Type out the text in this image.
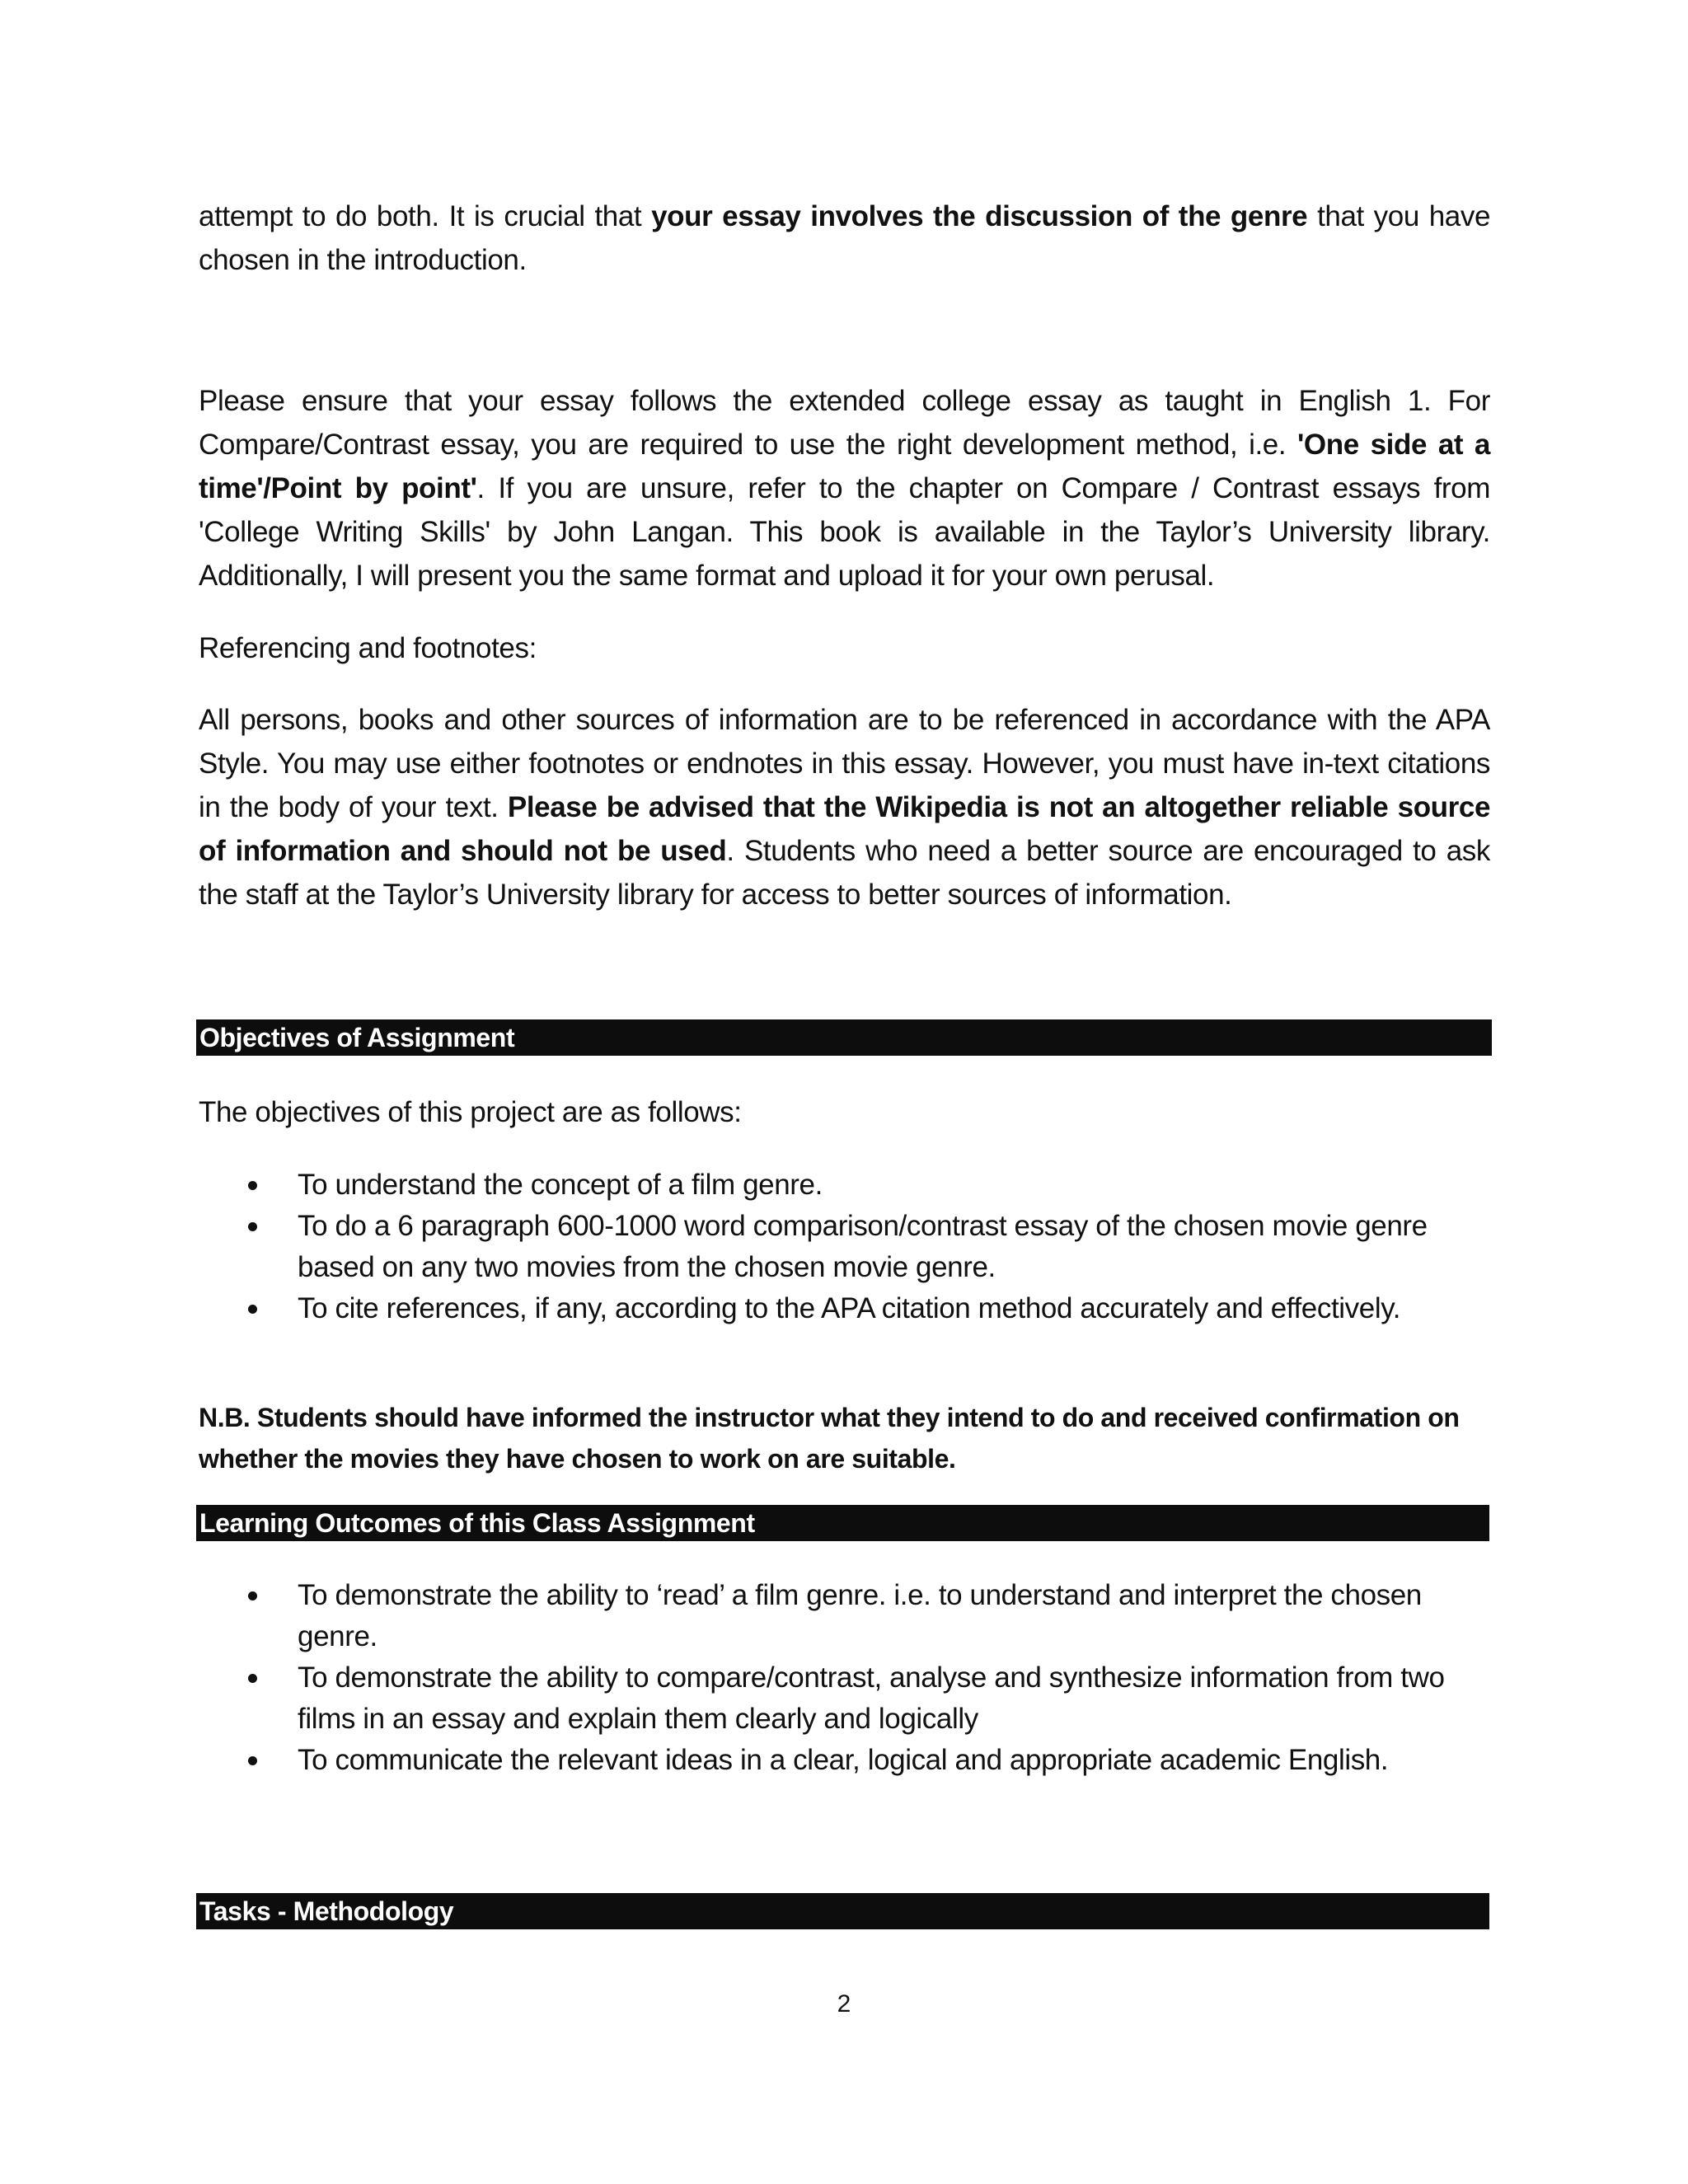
attempt to do both. It is crucial that your essay involves the discussion of the genre that you have chosen in the introduction.

Please ensure that your essay follows the extended college essay as taught in English 1. For Compare/Contrast essay, you are required to use the right development method, i.e. 'One side at a time'/Point by point'. If you are unsure, refer to the chapter on Compare / Contrast essays from 'College Writing Skills' by John Langan. This book is available in the Taylor’s University library. Additionally, I will present you the same format and upload it for your own perusal.

Referencing and footnotes:

All persons, books and other sources of information are to be referenced in accordance with the APA Style. You may use either footnotes or endnotes in this essay. However, you must have in-text citations in the body of your text. Please be advised that the Wikipedia is not an altogether reliable source of information and should not be used. Students who need a better source are encouraged to ask the staff at the Taylor’s University library for access to better sources of information.

Objectives of Assignment

The objectives of this project are as follows:

To understand the concept of a film genre.
To do a 6 paragraph 600-1000 word comparison/contrast essay of the chosen movie genre based on any two movies from the chosen movie genre.
To cite references, if any, according to the APA citation method accurately and effectively.

N.B. Students should have informed the instructor what they intend to do and received confirmation on whether the movies they have chosen to work on are suitable.

Learning Outcomes of this Class Assignment
To demonstrate the ability to ‘read’ a film genre. i.e. to understand and interpret the chosen genre.
To demonstrate the ability to compare/contrast, analyse and synthesize information from two films in an essay and explain them clearly and logically
To communicate the relevant ideas in a clear, logical and appropriate academic English.
Tasks - Methodology
2
